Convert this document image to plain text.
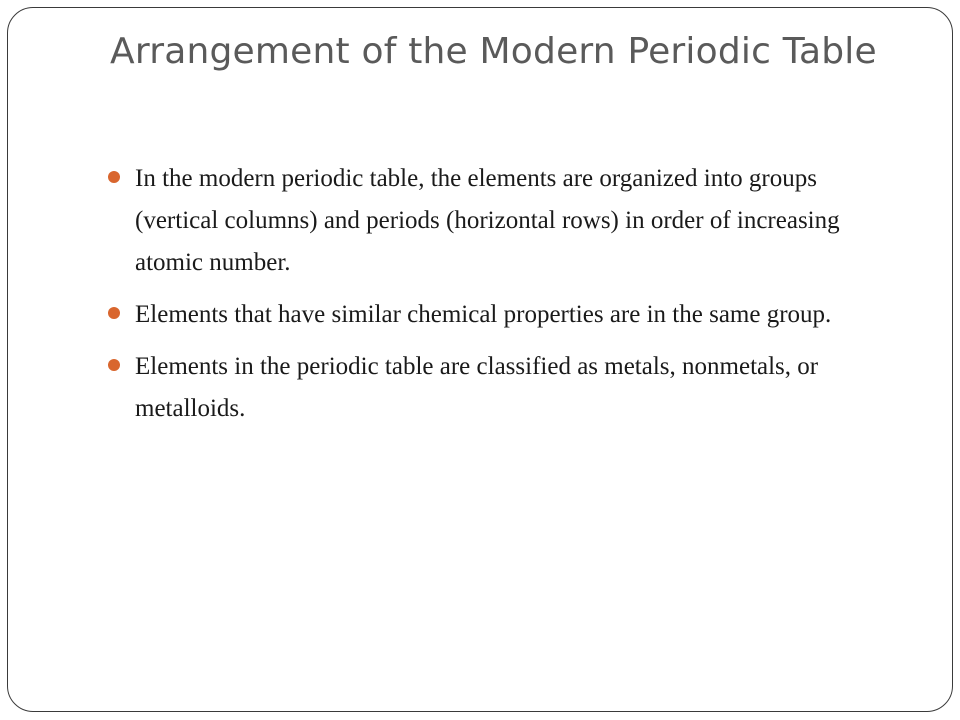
Arrangement of the Modern Periodic Table
In the modern periodic table, the elements are organized into groups (vertical columns) and periods (horizontal rows) in order of increasing atomic number.
Elements that have similar chemical properties are in the same group.
Elements in the periodic table are classified as metals, nonmetals, or metalloids.
